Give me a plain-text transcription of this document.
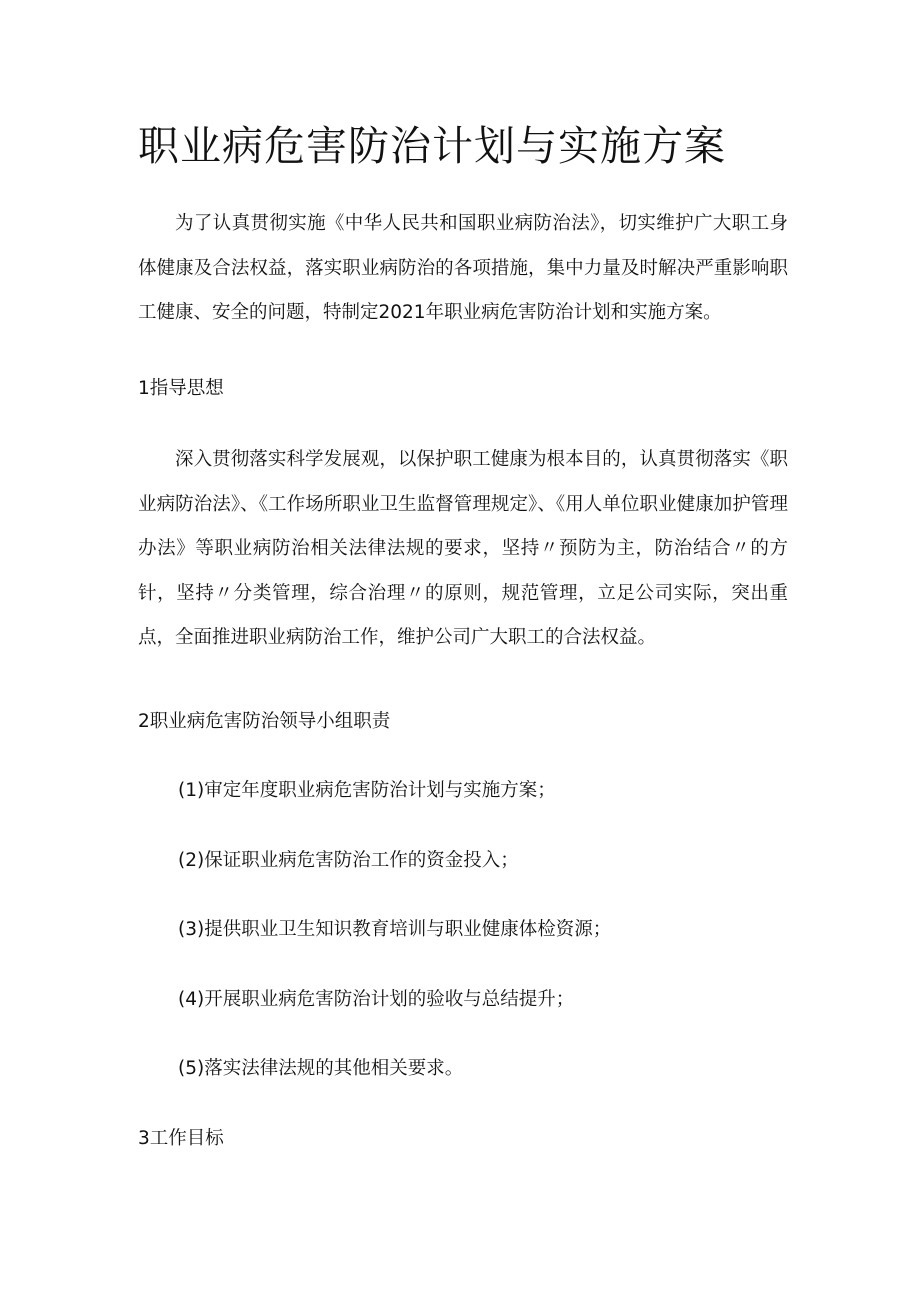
职业病危害防治计划与实施方案

为了认真贯彻实施《中华人民共和国职业病防治法》，切实维护广大职工身体健康及合法权益，落实职业病防治的各项措施，集中力量及时解决严重影响职工健康、安全的问题，特制定2021年职业病危害防治计划和实施方案。

1指导思想

深入贯彻落实科学发展观，以保护职工健康为根本目的，认真贯彻落实《职业病防治法》、《工作场所职业卫生监督管理规定》、《用人单位职业健康加护管理办法》等职业病防治相关法律法规的要求，坚持〃预防为主，防治结合〃的方针，坚持〃分类管理，综合治理〃的原则，规范管理，立足公司实际，突出重点，全面推进职业病防治工作，维护公司广大职工的合法权益。

2职业病危害防治领导小组职责

(1)审定年度职业病危害防治计划与实施方案；

(2)保证职业病危害防治工作的资金投入；

(3)提供职业卫生知识教育培训与职业健康体检资源；

(4)开展职业病危害防治计划的验收与总结提升；

(5)落实法律法规的其他相关要求。

3工作目标
